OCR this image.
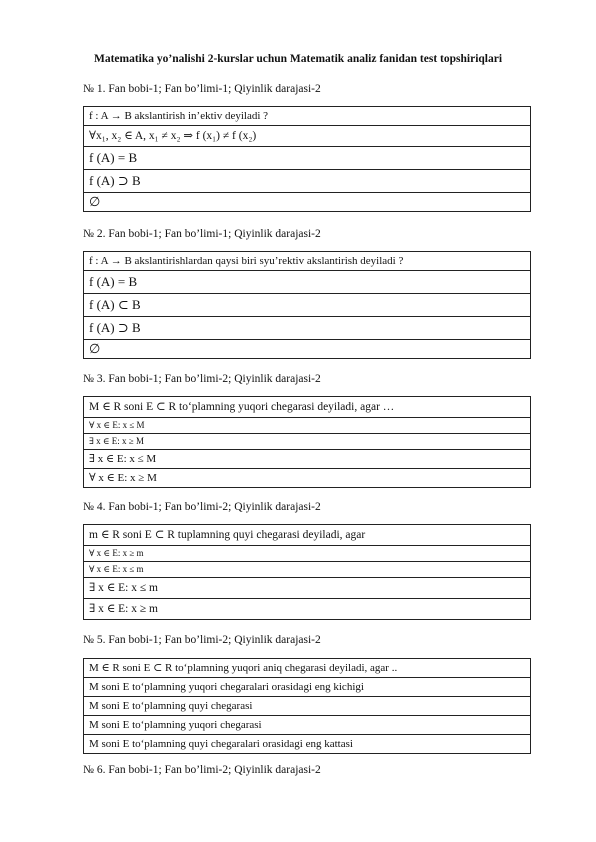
Matematika yo’nalishi 2-kurslar uchun Matematik analiz fanidan test topshiriqlari
№ 1. Fan bobi-1; Fan bo’limi-1; Qiyinlik darajasi-2
f : A → B akslantirish in’ektiv deyiladi ?
∀x₁, x₂ ∈ A, x₁ ≠ x₂ ⇒ f (x₁) ≠ f (x₂)
f (A) = B
f (A) ⊃ B
∅
№ 2. Fan bobi-1; Fan bo’limi-1; Qiyinlik darajasi-2
f : A → B akslantirishlardan qaysi biri syu’rektiv akslantirish deyiladi ?
f (A) = B
f (A) ⊂ B
f (A) ⊃ B
∅
№ 3. Fan bobi-1; Fan bo’limi-2; Qiyinlik darajasi-2
M ∈ R soni E ⊂ R to‘plamning yuqori chegarasi deyiladi, agar …
∀ x ∈ E: x ≤ M
∃ x ∈ E: x ≥ M
∃ x ∈ E: x ≤ M
∀ x ∈ E: x ≥ M
№ 4. Fan bobi-1; Fan bo’limi-2; Qiyinlik darajasi-2
m ∈ R soni E ⊂ R tuplamning quyi chegarasi deyiladi, agar
∀ x ∈ E: x ≥ m
∀ x ∈ E: x ≤ m
∃ x ∈ E: x ≤ m
∃ x ∈ E: x ≥ m
№ 5. Fan bobi-1; Fan bo’limi-2; Qiyinlik darajasi-2
M ∈ R soni E ⊂ R to‘plamning yuqori aniq chegarasi deyiladi, agar ..
M soni E to‘plamning yuqori chegaralari orasidagi eng kichigi
M soni E to‘plamning quyi chegarasi
M soni E to‘plamning yuqori chegarasi
M soni E to‘plamning quyi chegaralari orasidagi eng kattasi
№ 6. Fan bobi-1; Fan bo’limi-2; Qiyinlik darajasi-2
